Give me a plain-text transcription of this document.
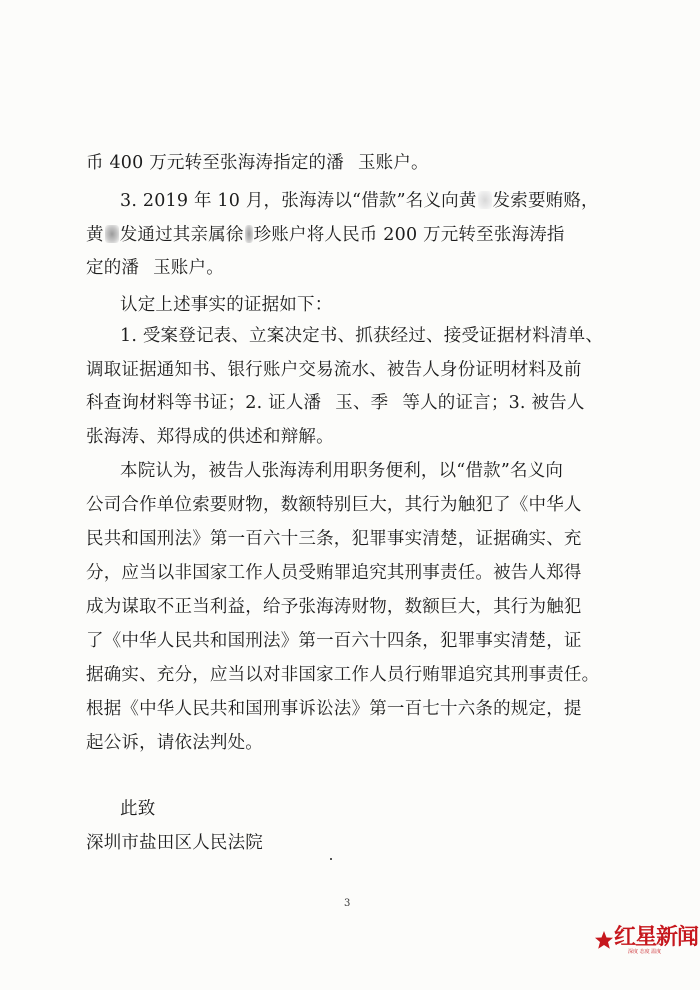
币 400 万元转至张海涛指定的潘 玉账户。
3. 2019 年 10 月，张海涛以“借款”名义向黄 发索要贿赂，
黄 发通过其亲属徐 珍账户将人民币 200 万元转至张海涛指
定的潘 玉账户。
认定上述事实的证据如下：
1. 受案登记表、立案决定书、抓获经过、接受证据材料清单、
调取证据通知书、银行账户交易流水、被告人身份证明材料及前
科查询材料等书证；2. 证人潘 玉、季 等人的证言；3. 被告人
张海涛、郑得成的供述和辩解。
本院认为，被告人张海涛利用职务便利，以“借款”名义向
公司合作单位索要财物，数额特别巨大，其行为触犯了《中华人
民共和国刑法》第一百六十三条，犯罪事实清楚，证据确实、充
分，应当以非国家工作人员受贿罪追究其刑事责任。被告人郑得
成为谋取不正当利益，给予张海涛财物，数额巨大，其行为触犯
了《中华人民共和国刑法》第一百六十四条，犯罪事实清楚，证
据确实、充分，应当以对非国家工作人员行贿罪追究其刑事责任。
根据《中华人民共和国刑事诉讼法》第一百七十六条的规定，提
起公诉，请依法判处。
此致
深圳市盐田区人民法院
3
红星新闻
深度 态度 温度
